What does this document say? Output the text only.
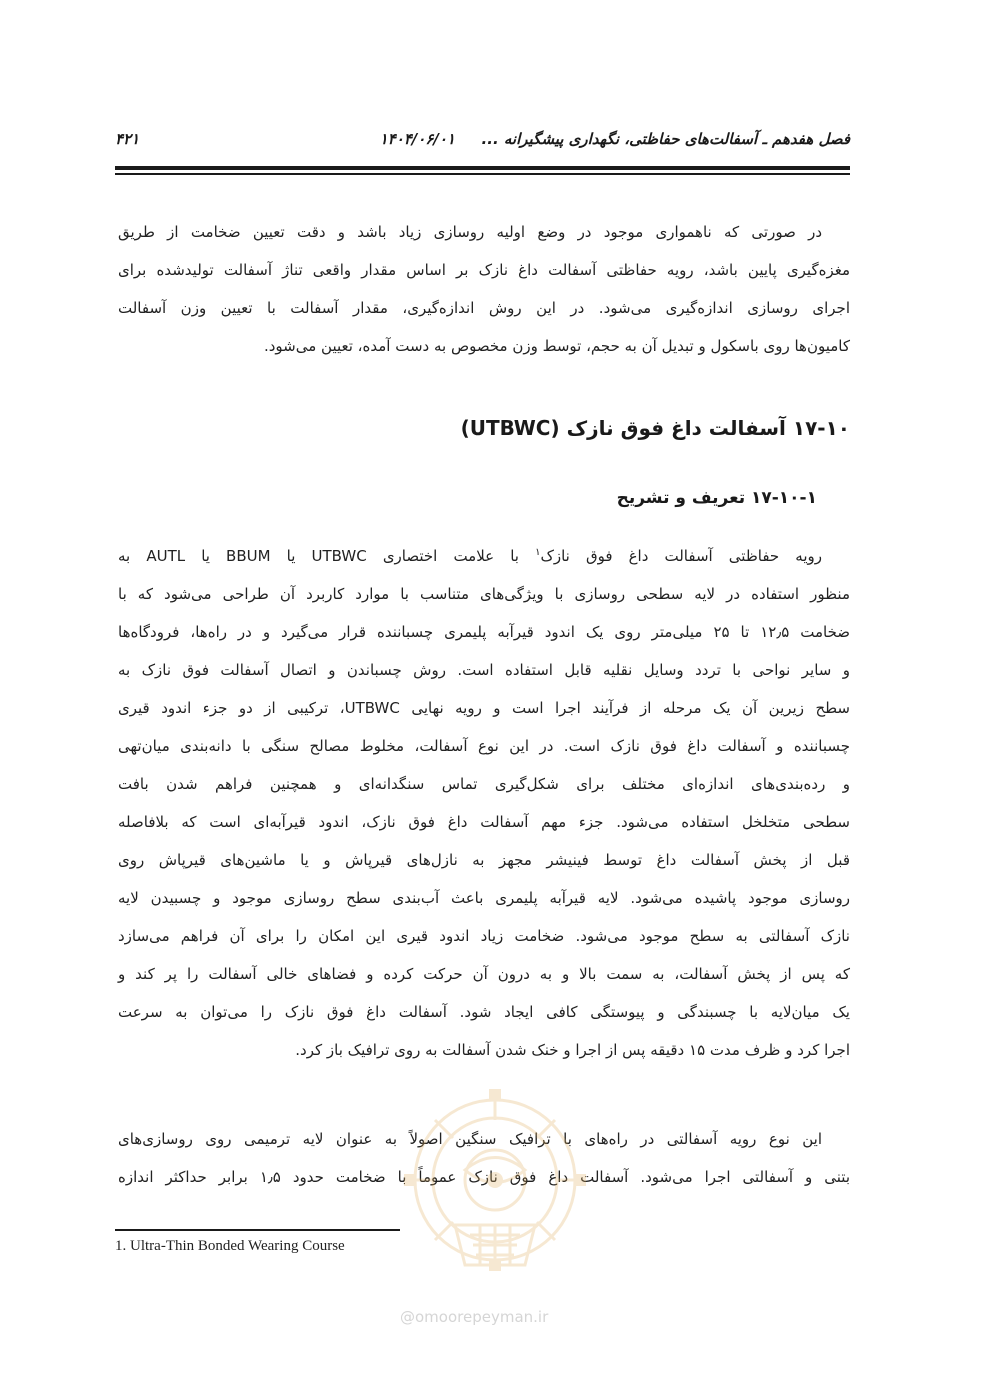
فصل هفدهم ـ آسفالت‌های حفاظتی، نگهداری پیشگیرانه ...
۱۴۰۴/۰۶/۰۱
۴۲۱
در صورتی که ناهمواری موجود در وضع اولیه روسازی زیاد باشد و دقت تعیین ضخامت از طریق
مغزه‌گیری پایین باشد، رویه حفاظتی آسفالت داغ نازک بر اساس مقدار واقعی تناژ آسفالت تولیدشده برای
اجرای روسازی اندازه‌گیری می‌شود. در این روش اندازه‌گیری، مقدار آسفالت با تعیین وزن آسفالت
کامیون‌ها روی باسکول و تبدیل آن به حجم، توسط وزن مخصوص به دست آمده، تعیین می‌شود.
۱۷-۱۰ آسفالت داغ فوق نازک (UTBWC)
۱۷-۱۰-۱ تعریف و تشریح
رویه حفاظتی آسفالت داغ فوق نازک$^۱$ با علامت اختصاری UTBWC یا BBUM یا AUTL به
منظور استفاده در لایه سطحی روسازی با ویژگی‌های متناسب با موارد کاربرد آن طراحی می‌شود که با
ضخامت ۱۲٫۵ تا ۲۵ میلی‌متر روی یک اندود قیرآبه پلیمری چسباننده قرار می‌گیرد و در راه‌ها، فرودگاه‌ها
و سایر نواحی با تردد وسایل نقلیه قابل استفاده است. روش چسباندن و اتصال آسفالت فوق نازک به
سطح زیرین آن یک مرحله از فرآیند اجرا است و رویه نهایی UTBWC، ترکیبی از دو جزء اندود قیری
چسباننده و آسفالت داغ فوق نازک است. در این نوع آسفالت، مخلوط مصالح سنگی با دانه‌بندی میان‌تهی
و رده‌بندی‌های اندازه‌ای مختلف برای شکل‌گیری تماس سنگدانه‌ای و همچنین فراهم شدن بافت
سطحی متخلخل استفاده می‌شود. جزء مهم آسفالت داغ فوق نازک، اندود قیرآبه‌ای است که بلافاصله
قبل از پخش آسفالت داغ توسط فینیشر مجهز به نازل‌های قیرپاش و یا ماشین‌های قیرپاش روی
روسازی موجود پاشیده می‌شود. لایه قیرآبه پلیمری باعث آب‌بندی سطح روسازی موجود و چسبیدن لایه
نازک آسفالتی به سطح موجود می‌شود. ضخامت زیاد اندود قیری این امکان را برای آن فراهم می‌سازد
که پس از پخش آسفالت، به سمت بالا و به درون آن حرکت کرده و فضاهای خالی آسفالت را پر کند و
یک میان‌لایه با چسبندگی و پیوستگی کافی ایجاد شود. آسفالت داغ فوق نازک را می‌توان به سرعت
اجرا کرد و ظرف مدت ۱۵ دقیقه پس از اجرا و خنک شدن آسفالت به روی ترافیک باز کرد.
این نوع رویه آسفالتی در راه‌های با ترافیک سنگین اصولاً به عنوان لایه ترمیمی روی روسازی‌های
بتنی و آسفالتی اجرا می‌شود. آسفالت داغ فوق نازک عموماً با ضخامت حدود ۱٫۵ برابر حداکثر اندازه
@omoorepeyman.ir
1. Ultra-Thin Bonded Wearing Course
